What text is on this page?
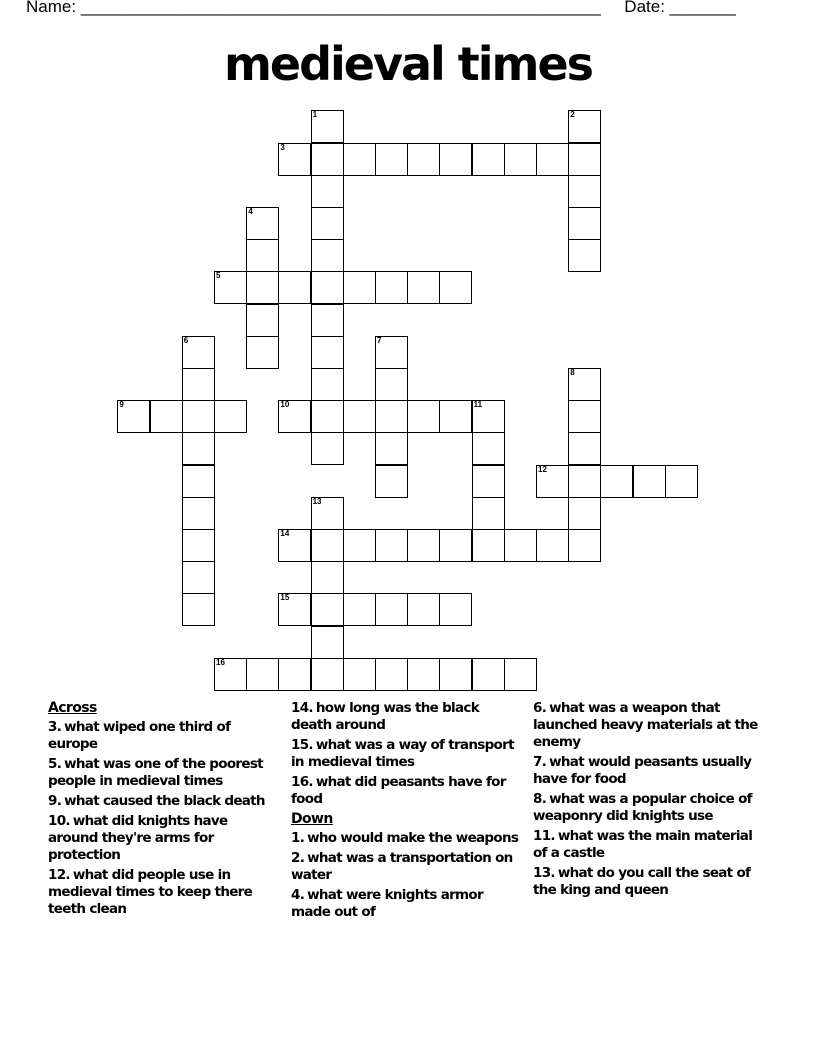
Name: _______________________________________________________ Date: _______
medieval times
1	2
3
4
5
6	7
8
9	10	11
12
13
14
15
16
Across
3. what wiped one third of europe
5. what was one of the poorest people in medieval times
9. what caused the black death
10. what did knights have around they're arms for protection
12. what did people use in medieval times to keep there teeth clean
14. how long was the black death around
15. what was a way of transport in medieval times
16. what did peasants have for food
Down
1. who would make the weapons
2. what was a transportation on water
4. what were knights armor made out of
6. what was a weapon that launched heavy materials at the enemy
7. what would peasants usually have for food
8. what was a popular choice of weaponry did knights use
11. what was the main material of a castle
13. what do you call the seat of the king and queen
